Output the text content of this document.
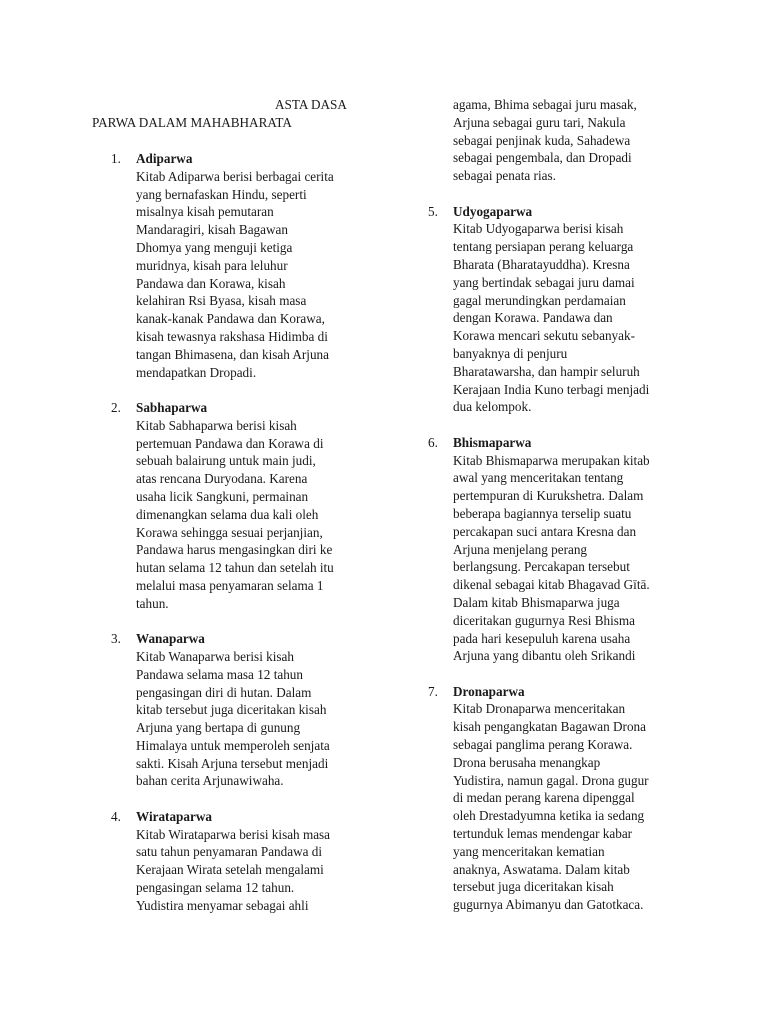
ASTA DASA
PARWA DALAM MAHABHARATA
1. Adiparwa
Kitab Adiparwa berisi berbagai cerita
yang bernafaskan Hindu, seperti
misalnya kisah pemutaran
Mandaragiri, kisah Bagawan
Dhomya yang menguji ketiga
muridnya, kisah para leluhur
Pandawa dan Korawa, kisah
kelahiran Rsi Byasa, kisah masa
kanak-kanak Pandawa dan Korawa,
kisah tewasnya rakshasa Hidimba di
tangan Bhimasena, dan kisah Arjuna
mendapatkan Dropadi.
2. Sabhaparwa
Kitab Sabhaparwa berisi kisah
pertemuan Pandawa dan Korawa di
sebuah balairung untuk main judi,
atas rencana Duryodana. Karena
usaha licik Sangkuni, permainan
dimenangkan selama dua kali oleh
Korawa sehingga sesuai perjanjian,
Pandawa harus mengasingkan diri ke
hutan selama 12 tahun dan setelah itu
melalui masa penyamaran selama 1
tahun.
3. Wanaparwa
Kitab Wanaparwa berisi kisah
Pandawa selama masa 12 tahun
pengasingan diri di hutan. Dalam
kitab tersebut juga diceritakan kisah
Arjuna yang bertapa di gunung
Himalaya untuk memperoleh senjata
sakti. Kisah Arjuna tersebut menjadi
bahan cerita Arjunawiwaha.
4. Wirataparwa
Kitab Wirataparwa berisi kisah masa
satu tahun penyamaran Pandawa di
Kerajaan Wirata setelah mengalami
pengasingan selama 12 tahun.
Yudistira menyamar sebagai ahli
agama, Bhima sebagai juru masak,
Arjuna sebagai guru tari, Nakula
sebagai penjinak kuda, Sahadewa
sebagai pengembala, dan Dropadi
sebagai penata rias.
5. Udyogaparwa
Kitab Udyogaparwa berisi kisah
tentang persiapan perang keluarga
Bharata (Bharatayuddha). Kresna
yang bertindak sebagai juru damai
gagal merundingkan perdamaian
dengan Korawa. Pandawa dan
Korawa mencari sekutu sebanyak-
banyaknya di penjuru
Bharatawarsha, dan hampir seluruh
Kerajaan India Kuno terbagi menjadi
dua kelompok.
6. Bhismaparwa
Kitab Bhismaparwa merupakan kitab
awal yang menceritakan tentang
pertempuran di Kurukshetra. Dalam
beberapa bagiannya terselip suatu
percakapan suci antara Kresna dan
Arjuna menjelang perang
berlangsung. Percakapan tersebut
dikenal sebagai kitab Bhagavad Gītā.
Dalam kitab Bhismaparwa juga
diceritakan gugurnya Resi Bhisma
pada hari kesepuluh karena usaha
Arjuna yang dibantu oleh Srikandi
7. Dronaparwa
Kitab Dronaparwa menceritakan
kisah pengangkatan Bagawan Drona
sebagai panglima perang Korawa.
Drona berusaha menangkap
Yudistira, namun gagal. Drona gugur
di medan perang karena dipenggal
oleh Drestadyumna ketika ia sedang
tertunduk lemas mendengar kabar
yang menceritakan kematian
anaknya, Aswatama. Dalam kitab
tersebut juga diceritakan kisah
gugurnya Abimanyu dan Gatotkaca.
